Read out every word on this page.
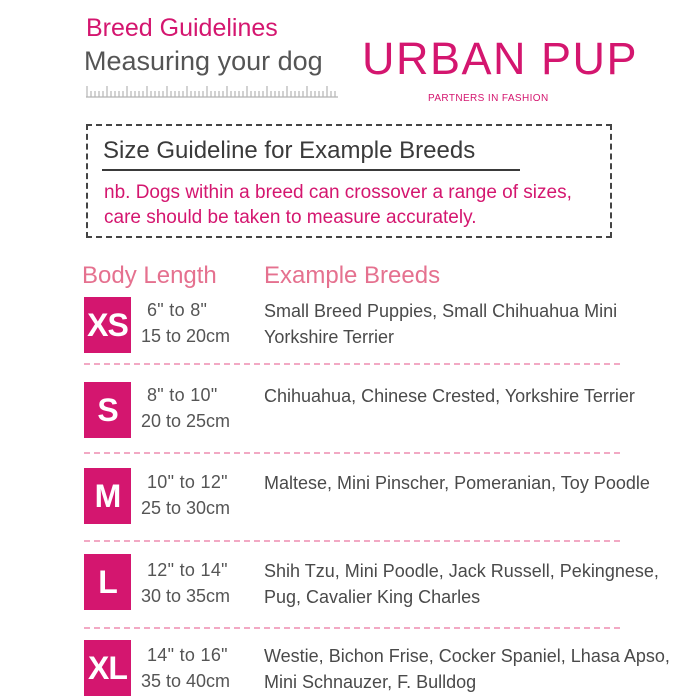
Breed Guidelines
Measuring your dog URBAN PUP
PARTNERS IN FASHION
Size Guideline for Example Breeds
nb. Dogs within a breed can crossover a range of sizes, care should be taken to measure accurately.
Body Length Example Breeds
XS 6" to 8"
15 to 20cm
Small Breed Puppies, Small Chihuahua Mini Yorkshire Terrier
S	8" to 10"
20 to 25cm
Chihuahua, Chinese Crested, Yorkshire Terrier
M	10" to 12"
25 to 30cm
Maltese, Mini Pinscher, Pomeranian, Toy Poodle
L	12" to 14"
30 to 35cm
Shih Tzu, Mini Poodle, Jack Russell, Pekingnese, Pug, Cavalier King Charles
XL 14" to 16"
35 to 40cm
Westie, Bichon Frise, Cocker Spaniel, Lhasa Apso, Mini Schnauzer, F. Bulldog
